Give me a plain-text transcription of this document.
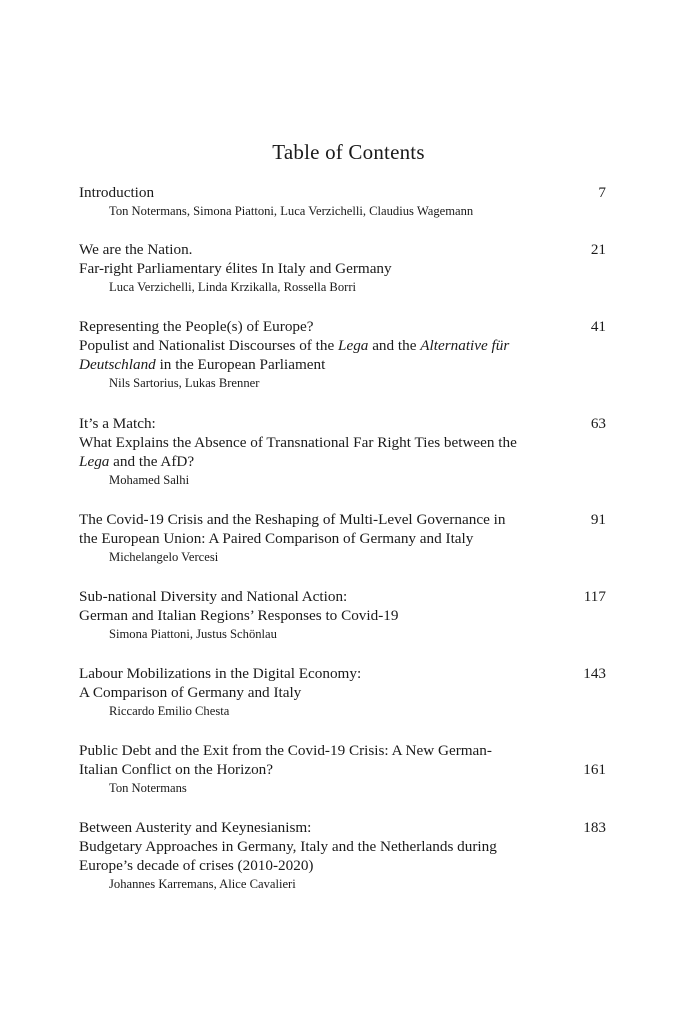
Table of Contents
Introduction	7
Ton Notermans, Simona Piattoni, Luca Verzichelli, Claudius Wagemann
We are the Nation.	21
Far-right Parliamentary élites In Italy and Germany
Luca Verzichelli, Linda Krzikalla, Rossella Borri
Representing the People(s) of Europe?	41
Populist and Nationalist Discourses of the Lega and the Alternative für
Deutschland in the European Parliament
Nils Sartorius, Lukas Brenner
It’s a Match:	63
What Explains the Absence of Transnational Far Right Ties between the
Lega and the AfD?
Mohamed Salhi
The Covid-19 Crisis and the Reshaping of Multi-Level Governance in	91
the European Union: A Paired Comparison of Germany and Italy
Michelangelo Vercesi
Sub-national Diversity and National Action:	117
German and Italian Regions’ Responses to Covid-19
Simona Piattoni, Justus Schönlau
Labour Mobilizations in the Digital Economy:	143
A Comparison of Germany and Italy
Riccardo Emilio Chesta
Public Debt and the Exit from the Covid-19 Crisis: A New German-
Italian Conflict on the Horizon?	161
Ton Notermans
Between Austerity and Keynesianism:	183
Budgetary Approaches in Germany, Italy and the Netherlands during
Europe’s decade of crises (2010-2020)
Johannes Karremans, Alice Cavalieri
